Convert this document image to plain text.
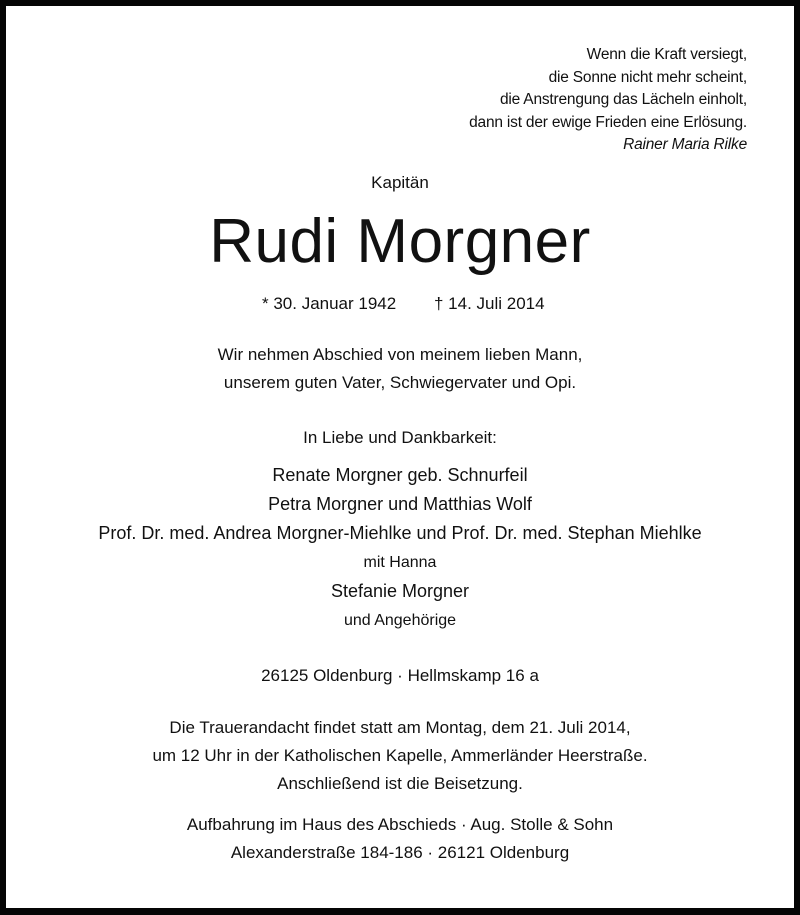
Wenn die Kraft versiegt,
die Sonne nicht mehr scheint,
die Anstrengung das Lächeln einholt,
dann ist der ewige Frieden eine Erlösung.
Rainer Maria Rilke
Kapitän
Rudi Morgner
* 30. Januar 1942 † 14. Juli 2014
Wir nehmen Abschied von meinem lieben Mann,
unserem guten Vater, Schwiegervater und Opi.
In Liebe und Dankbarkeit:
Renate Morgner geb. Schnurfeil
Petra Morgner und Matthias Wolf
Prof. Dr. med. Andrea Morgner-Miehlke und Prof. Dr. med. Stephan Miehlke
mit Hanna
Stefanie Morgner
und Angehörige
26125 Oldenburg · Hellmskamp 16 a
Die Trauerandacht findet statt am Montag, dem 21. Juli 2014,
um 12 Uhr in der Katholischen Kapelle, Ammerländer Heerstraße.
Anschließend ist die Beisetzung.
Aufbahrung im Haus des Abschieds · Aug. Stolle & Sohn
Alexanderstraße 184-186 · 26121 Oldenburg
